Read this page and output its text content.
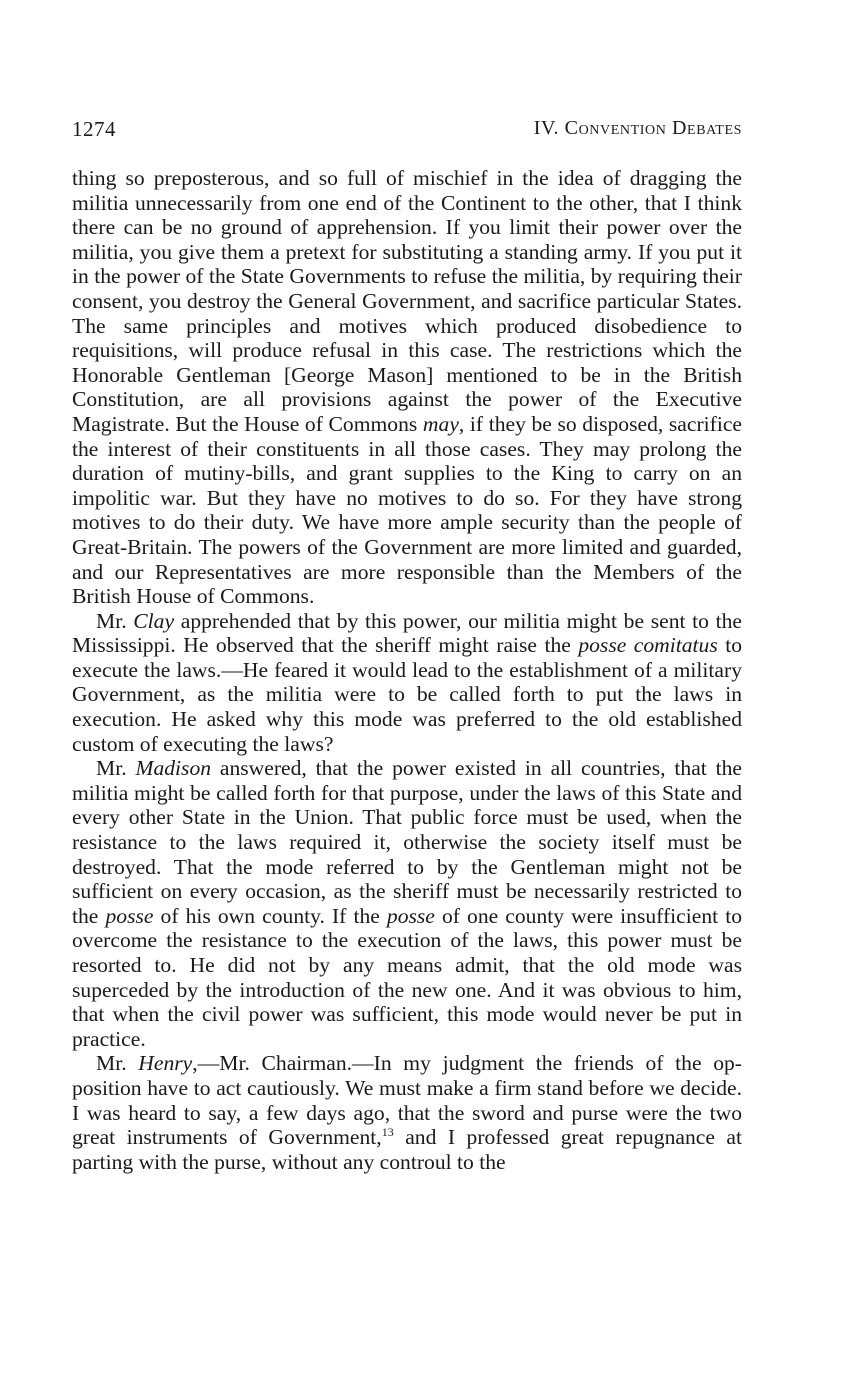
1274	IV. Convention Debates

thing so preposterous, and so full of mischief in the idea of dragging the militia unnecessarily from one end of the Continent to the other, that I think there can be no ground of apprehension. If you limit their power over the militia, you give them a pretext for substituting a standing army. If you put it in the power of the State Governments to refuse the militia, by requiring their consent, you destroy the General Government, and sacrifice particular States. The same principles and motives which produced disobedience to requisitions, will produce refusal in this case. The restrictions which the Honorable Gentleman [George Mason] mentioned to be in the British Constitution, are all provisions against the power of the Executive Magistrate. But the House of Commons may, if they be so disposed, sacrifice the interest of their constituents in all those cases. They may prolong the duration of mutiny-bills, and grant supplies to the King to carry on an impolitic war. But they have no motives to do so. For they have strong motives to do their duty. We have more ample security than the people of Great-Britain. The powers of the Government are more limited and guarded, and our Representatives are more responsible than the Members of the British House of Commons.

Mr. Clay apprehended that by this power, our militia might be sent to the Mississippi. He observed that the sheriff might raise the posse comitatus to execute the laws.—He feared it would lead to the establishment of a military Government, as the militia were to be called forth to put the laws in execution. He asked why this mode was preferred to the old established custom of executing the laws?

Mr. Madison answered, that the power existed in all countries, that the militia might be called forth for that purpose, under the laws of this State and every other State in the Union. That public force must be used, when the resistance to the laws required it, otherwise the society itself must be destroyed. That the mode referred to by the Gentleman might not be sufficient on every occasion, as the sheriff must be necessarily restricted to the posse of his own county. If the posse of one county were insufficient to overcome the resistance to the execution of the laws, this power must be resorted to. He did not by any means admit, that the old mode was superceded by the introduction of the new one. And it was obvious to him, that when the civil power was sufficient, this mode would never be put in practice.

Mr. Henry,—Mr. Chairman.—In my judgment the friends of the opposition have to act cautiously. We must make a firm stand before we decide. I was heard to say, a few days ago, that the sword and purse were the two great instruments of Government,$^{13}$ and I professed great repugnance at parting with the purse, without any controul to the
